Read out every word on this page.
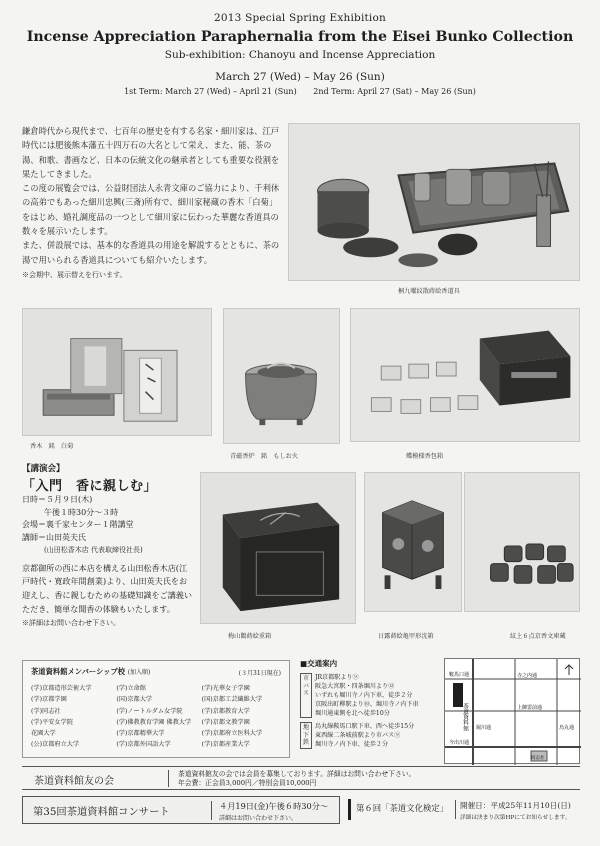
2013 Special Spring Exhibition
Incense Appreciation Paraphernalia from the Eisei Bunko Collection
Sub-exhibition: Chanoyu and Incense Appreciation
March 27 (Wed) – May 26 (Sun)
1st Term: March 27 (Wed) – April 21 (Sun) 2nd Term: April 27 (Sat) – May 26 (Sun)

鎌倉時代から現代まで、七百年の歴史を有する名家・細川家は、江戸時代には肥後熊本藩五十四万石の大名として栄え、また、能、茶の湯、和歌、書画など、日本の伝統文化の継承者としても重要な役割を果たしてきました。

この度の展覧会では、公益財団法人永青文庫のご協力により、千利休の高弟でもあった細川忠興(三斎)所有で、細川家秘蔵の香木「白菊」をはじめ、婚礼調度品の一つとして細川家に伝わった華麗な香道具の数々を展示いたします。

また、併設展では、基本的な香道具の用途を解説するとともに、茶の湯で用いられる香道具についても紹介いたします。

※会期中、展示替えを行います。

桐九曜紋散蒔絵香道具
香木　銘　白菊
青磁香炉　銘　もしお火	蝶模様香包箱
【講演会】
「入門　香に親しむ」
日時＝５月９日(木)
午後１時30分～３時
会場＝裏千家センター１階講堂
講師＝山田英夫氏
(山田松香木店 代表取締役社長)
京都御所の西に本店を構える山田松香木店(江戸時代・寛政年間創業)より、山田英夫氏をお迎えし、香に親しむための基礎知識をご講義いただき、簡単な聞香の体験もいたします。
※詳細はお問い合わせ下さい。
梅山鵲蒔絵重箱	日露蒔絵亀甲形沈箱	紋上６点京香文庫蔵
茶道資料館メンバーシップ校 (加入順)	(３月31日現在)
(学)京都造形芸術大学	(学)立命館	(学)光華女子学園
(学)京都学園	(国)京都大学	(国)京都工芸繊維大学
(学)同志社	(学)ノートルダム女学院	(学)京都教育大学
(学)平安女学院	(学)佛教教育学園 佛教大学	(学)京都文教学園
花園大学	(学)京都精華大学	(学)京都府立医科大学
(公)京都府立大学	(学)京都外国語大学	(学)京都産業大学
■交通案内
市バス
JR京都駅より⑨
阪急大宮駅・四条堀川より⑫
いずれも堀川寺ノ内下車、徒歩２分
京阪出町柳駅より⑩、堀川寺ノ内下車
堀川通東側を北へ徒歩10分
地下鉄
烏丸線鞍馬口駅下車、西へ徒歩15分
東西線二条城前駅より市バス⑨
堀川寺ノ内下車、徒歩２分
茶道資料館
寺之内通
上御霊前通
鞍馬口通
今出川通
堀川通	烏丸通
同志社
茶道資料館友の会
茶道資料館友の会では会員を募集しております。詳細はお問い合わせ下さい。
年会費：正会員3,000円／特別会員10,000円
第35回茶道資料館コンサート	４月19日(金)午後６時30分～
詳細はお問い合わせ下さい。
第６回「茶道文化検定」 開催日：平成25年11月10日(日)
詳細は決まり次第HPにてお知らせします。
